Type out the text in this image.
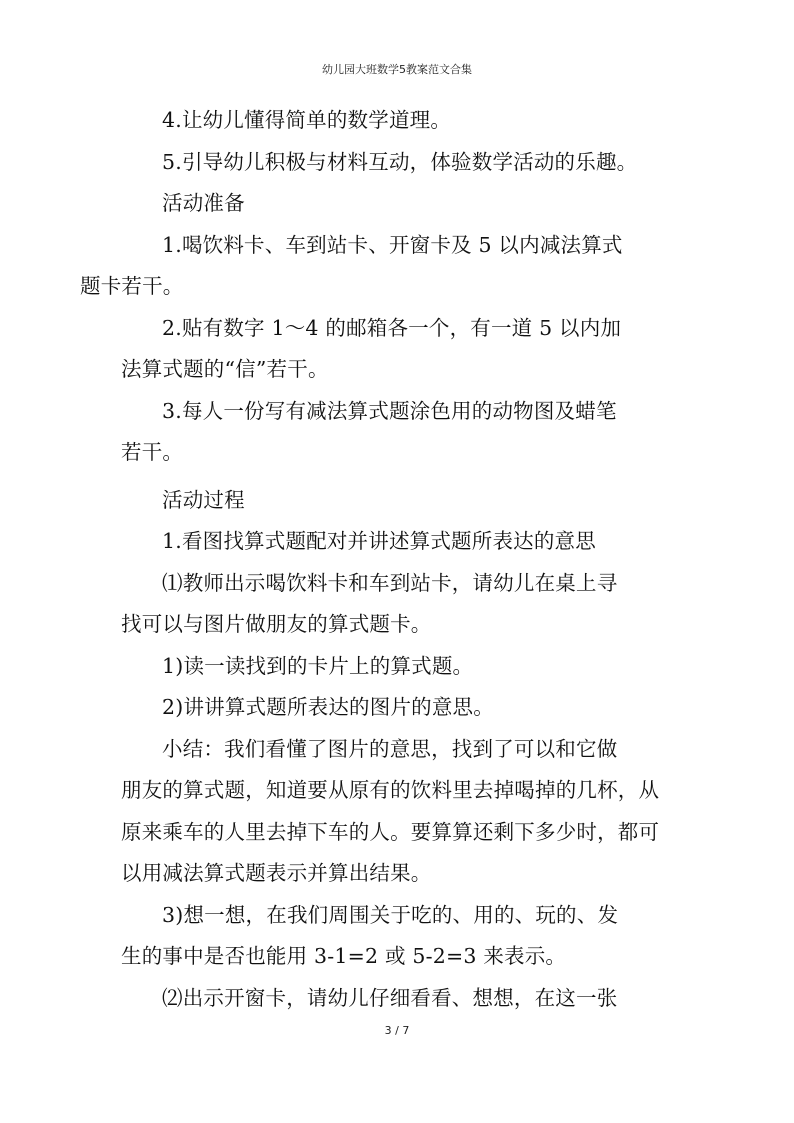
幼儿园大班数学5教案范文合集

4.让幼儿懂得简单的数学道理。

5.引导幼儿积极与材料互动，体验数学活动的乐趣。

活动准备

1.喝饮料卡、车到站卡、开窗卡及 5 以内减法算式
题卡若干。

2.贴有数字 1～4 的邮箱各一个，有一道 5 以内加
法算式题的“信”若干。

3.每人一份写有减法算式题涂色用的动物图及蜡笔
若干。

活动过程

1.看图找算式题配对并讲述算式题所表达的意思

⑴教师出示喝饮料卡和车到站卡，请幼儿在桌上寻
找可以与图片做朋友的算式题卡。

1)读一读找到的卡片上的算式题。

2)讲讲算式题所表达的图片的意思。

小结：我们看懂了图片的意思，找到了可以和它做
朋友的算式题，知道要从原有的饮料里去掉喝掉的几杯，从
原来乘车的人里去掉下车的人。要算算还剩下多少时，都可
以用减法算式题表示并算出结果。

3)想一想，在我们周围关于吃的、用的、玩的、发
生的事中是否也能用 3-1=2 或 5-2=3 来表示。

⑵出示开窗卡，请幼儿仔细看看、想想，在这一张

3 / 7
